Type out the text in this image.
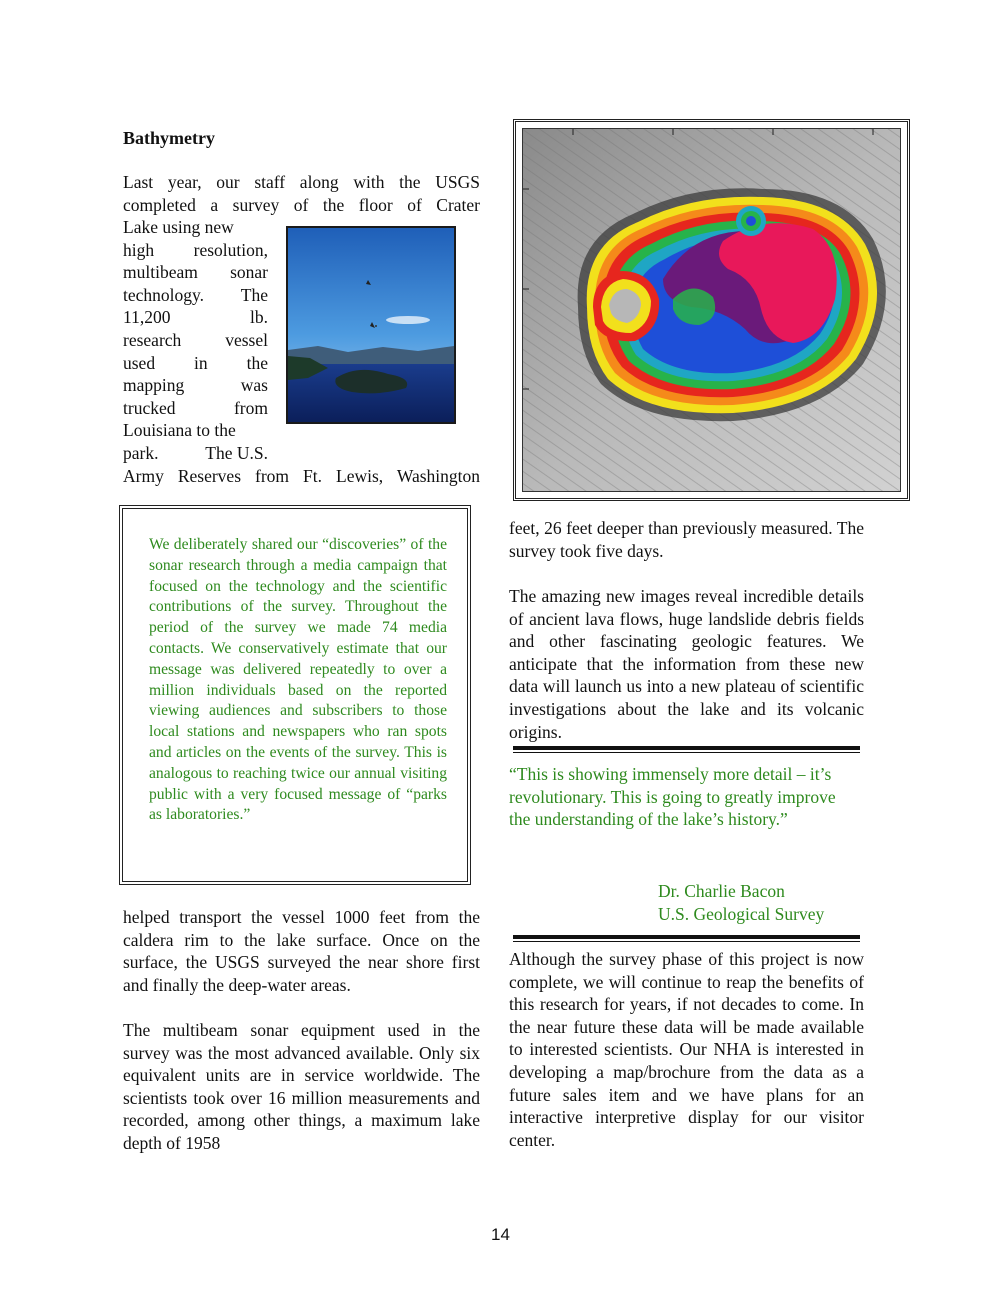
Bathymetry
Last year, our staff along with the USGS
completed a survey of the floor of Crater
Lake using new
high resolution,
multibeam sonar
technology. The
11,200	lb.
research	vessel
used in the
mapping	was
trucked	from
Louisiana to the
park.	The U.S.
Army Reserves from Ft. Lewis, Washington
We deliberately shared our “discoveries” of the sonar research through a media campaign that focused on the technology and the scientific contributions of the survey. Throughout the period of the survey we made 74 media contacts. We conservatively estimate that our message was delivered repeatedly to over a million individuals based on the reported viewing audiences and subscribers to those local stations and newspapers who ran spots and articles on the events of the survey. This is analogous to reaching twice our annual visiting public with a very focused message of “parks as laboratories.”
helped transport the vessel 1000 feet from the caldera rim to the lake surface. Once on the surface, the USGS surveyed the near shore first and finally the deep-water areas.
The multibeam sonar equipment used in the survey was the most advanced available. Only six equivalent units are in service worldwide. The scientists took over 16 million measurements and recorded, among other things, a maximum lake depth of 1958
feet, 26 feet deeper than previously measured. The survey took five days.
The amazing new images reveal incredible details of ancient lava flows, huge landslide debris fields and other fascinating geologic features. We anticipate that the information from these new data will launch us into a new plateau of scientific investigations about the lake and its volcanic origins.
“This is showing immensely more detail – it’s revolutionary. This is going to greatly improve the understanding of the lake’s history.”
Dr. Charlie Bacon
U.S. Geological Survey
Although the survey phase of this project is now complete, we will continue to reap the benefits of this research for years, if not decades to come. In the near future these data will be made available to interested scientists. Our NHA is interested in developing a map/brochure from the data as a future sales item and we have plans for an interactive interpretive display for our visitor center.
14
